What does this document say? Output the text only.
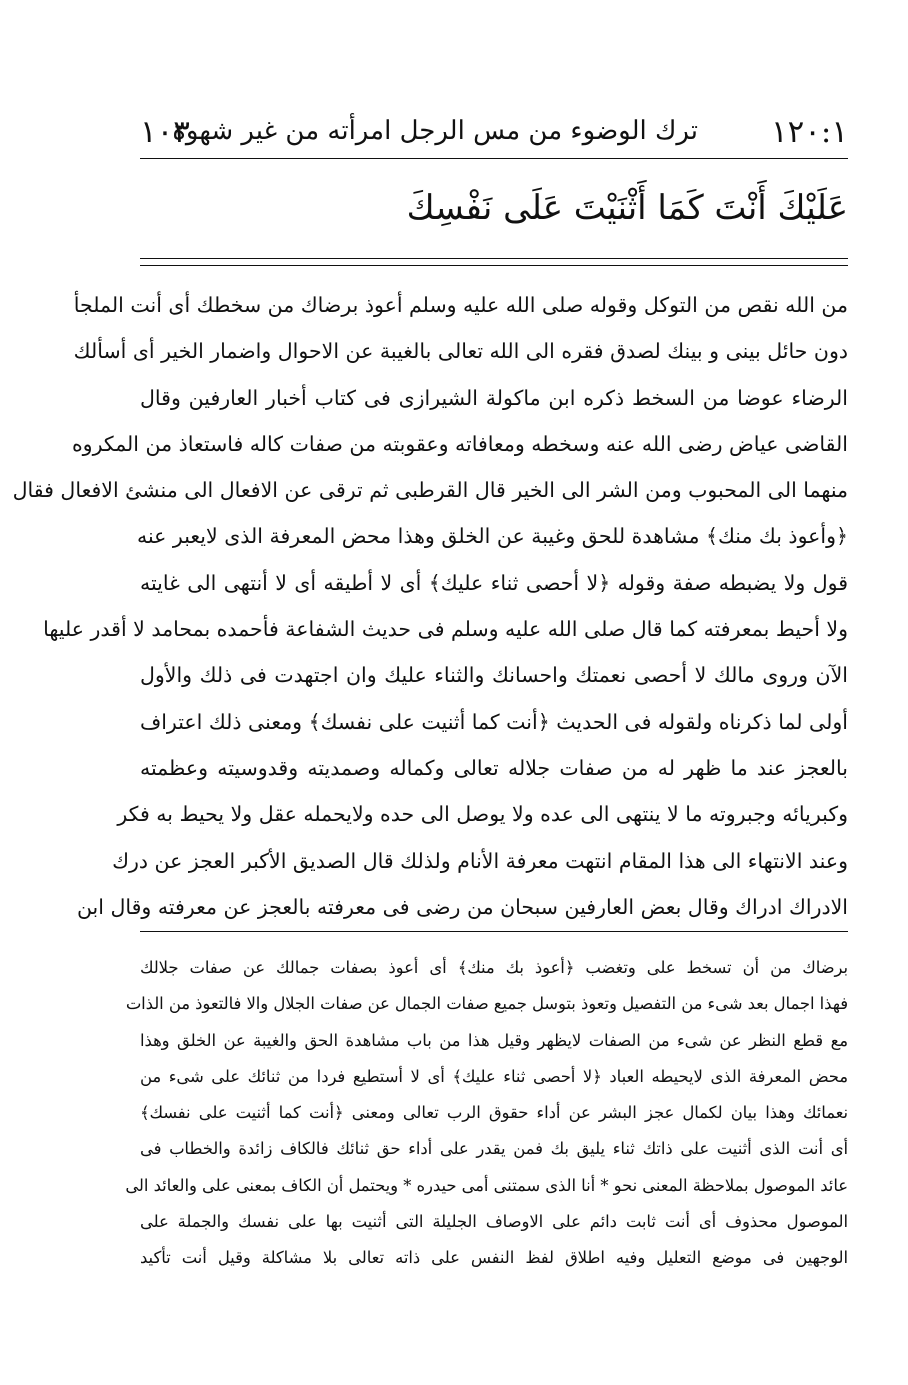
١٢٠:١
ترك الوضوء من مس الرجل امرأته من غير شهوة
١٠٣
عَلَيْكَ أَنْتَ كَمَا أَثْنَيْتَ عَلَى نَفْسِكَ

من الله نقص من التوكل وقوله صلى الله عليه وسلم أعوذ برضاك من سخطك أى أنت الملجأ

دون حائل بينى و بينك لصدق فقره الى الله تعالى بالغيبة عن الاحوال واضمار الخير أى أسألك

الرضاء عوضا من السخط ذكره ابن ماكولة الشيرازى فى كتاب أخبار العارفين وقال

القاضى عياض رضى الله عنه وسخطه ومعافاته وعقوبته من صفات كاله فاستعاذ من المكروه

منهما الى المحبوب ومن الشر الى الخير قال القرطبى ثم ترقى عن الافعال الى منشئ الافعال فقال

﴿وأعوذ بك منك﴾ مشاهدة للحق وغيبة عن الخلق وهذا محض المعرفة الذى لايعبر عنه

قول ولا يضبطه صفة وقوله ﴿لا أحصى ثناء عليك﴾ أى لا أطيقه أى لا أنتهى الى غايته

ولا أحيط بمعرفته كما قال صلى الله عليه وسلم فى حديث الشفاعة فأحمده بمحامد لا أقدر عليها

الآن وروى مالك لا أحصى نعمتك واحسانك والثناء عليك وان اجتهدت فى ذلك والأول

أولى لما ذكرناه ولقوله فى الحديث ﴿أنت كما أثنيت على نفسك﴾ ومعنى ذلك اعتراف

بالعجز عند ما ظهر له من صفات جلاله تعالى وكماله وصمديته وقدوسيته وعظمته

وكبريائه وجبروته ما لا ينتهى الى عده ولا يوصل الى حده ولايحمله عقل ولا يحيط به فكر

وعند الانتهاء الى هذا المقام انتهت معرفة الأنام ولذلك قال الصديق الأكبر العجز عن درك

الادراك ادراك وقال بعض العارفين سبحان من رضى فى معرفته بالعجز عن معرفته وقال ابن

برضاك من أن تسخط على وتغضب ﴿أعوذ بك منك﴾ أى أعوذ بصفات جمالك عن صفات جلالك

فهذا اجمال بعد شىء من التفصيل وتعوذ بتوسل جميع صفات الجمال عن صفات الجلال والا فالتعوذ من الذات

مع قطع النظر عن شىء من الصفات لايظهر وقيل هذا من باب مشاهدة الحق والغيبة عن الخلق وهذا

محض المعرفة الذى لايحيطه العباد ﴿لا أحصى ثناء عليك﴾ أى لا أستطيع فردا من ثنائك على شىء من

نعمائك وهذا بيان لكمال عجز البشر عن أداء حقوق الرب تعالى ومعنى ﴿أنت كما أثنيت على نفسك﴾

أى أنت الذى أثنيت على ذاتك ثناء يليق بك فمن يقدر على أداء حق ثنائك فالكاف زائدة والخطاب فى

عائد الموصول بملاحظة المعنى نحو * أنا الذى سمتنى أمى حيدره * ويحتمل أن الكاف بمعنى على والعائد الى

الموصول محذوف أى أنت ثابت دائم على الاوصاف الجليلة التى أثنيت بها على نفسك والجملة على

الوجهين فى موضع التعليل وفيه اطلاق لفظ النفس على ذاته تعالى بلا مشاكلة وقيل أنت تأكيد
